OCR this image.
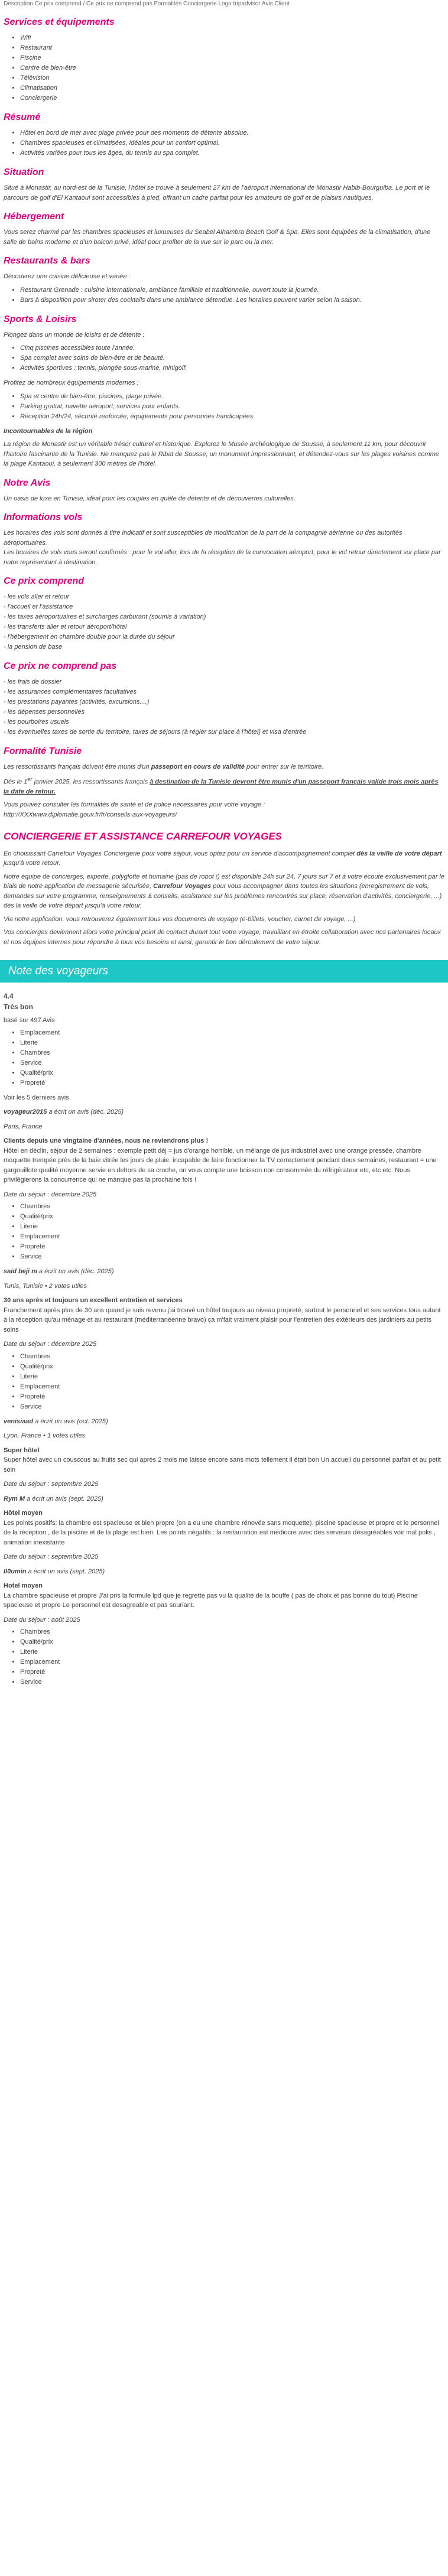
Description Ce prix comprend / Ce prix ne comprend pas Formalités Conciergerie Logo tripadvisor Avis Client
Services et équipements
• Wifi
• Restaurant
• Piscine
• Centre de bien-être
• Télévision
• Climatisation
• Conciergerie
Résumé
• Hôtel en bord de mer avec plage privée pour des moments de détente absolue.
• Chambres spacieuses et climatisées, idéales pour un confort optimal.
• Activités variées pour tous les âges, du tennis au spa complet.
Situation

Situé à Monastir, au nord-est de la Tunisie, l'hôtel se trouve à seulement 27 km de l'aéroport international de Monastir Habib-Bourguiba. Le port et le parcours de golf d'El Kantaoui sont accessibles à pied, offrant un cadre parfait pour les amateurs de golf et de plaisirs nautiques.

Hébergement

Vous serez charmé par les chambres spacieuses et luxueuses du Seabel Alhambra Beach Golf & Spa. Elles sont équipées de la climatisation, d'une salle de bains moderne et d'un balcon privé, idéal pour profiter de la vue sur le parc ou la mer.

Restaurants & bars

Découvrez une cuisine délicieuse et variée :

• Restaurant Grenade : cuisine internationale, ambiance familiale et traditionnelle, ouvert toute la journée.
• Bars à disposition pour siroter des cocktails dans une ambiance détendue. Les horaires peuvent varier selon la saison.
Sports & Loisirs

Plongez dans un monde de loisirs et de détente :

• Cinq piscines accessibles toute l'année.
• Spa complet avec soins de bien-être et de beauté.
• Activités sportives : tennis, plongée sous-marine, minigolf.

Profitez de nombreux équipements modernes :

• Spa et centre de bien-être, piscines, plage privée.
• Parking gratuit, navette aéroport, services pour enfants.
• Réception 24h/24, sécurité renforcée, équipements pour personnes handicapées.

Incontournables de la région

La région de Monastir est un véritable trésor culturel et historique. Explorez le Musée archéologique de Sousse, à seulement 11 km, pour découvrir l'histoire fascinante de la Tunisie. Ne manquez pas le Ribat de Sousse, un monument impressionnant, et détendez-vous sur les plages voisines comme la plage Kantaoui, à seulement 300 mètres de l'hôtel.

Notre Avis

Un oasis de luxe en Tunisie, idéal pour les couples en quête de détente et de découvertes culturelles.

Informations vols
Les horaires des vols sont donnés à titre indicatif et sont susceptibles de modification de la part de la compagnie aérienne ou des autorités aéroportuaires.
Les horaires de vols vous seront confirmés : pour le vol aller, lors de la réception de la convocation aéroport, pour le vol retour directement sur place par notre représentant à destination.
Ce prix comprend
- les vols aller et retour
- l'accueil et l'assistance
- les taxes aéroportuaires et surcharges carburant (soumis à variation)
- les transferts aller et retour aéroport/hôtel
- l'hébergement en chambre double pour la durée du séjour
- la pension de base
Ce prix ne comprend pas
- les frais de dossier
- les assurances complémentaires facultatives
- les prestations payantes (activités, excursions....)
- les dépenses personnelles
- les pourboires usuels
- les éventuelles taxes de sortie du territoire, taxes de séjours (à régler sur place à l'hôtel) et visa d'entrée
Formalité Tunisie

Les ressortissants français doivent être munis d'un passeport en cours de validité pour entrer sur le territoire.

Dès le 1er janvier 2025, les ressortissants français à destination de la Tunisie devront être munis d'un passeport français valide trois mois après la date de retour.

Vous pouvez consulter les formalités de santé et de police nécessaires pour votre voyage :
http://XXXwww.diplomatie.gouv.fr/fr/conseils-aux-voyageurs/

CONCIERGERIE ET ASSISTANCE CARREFOUR VOYAGES

En choisissant Carrefour Voyages Conciergerie pour votre séjour, vous optez pour un service d'accompagnement complet dès la veille de votre départ jusqu'à votre retour.

Notre équipe de concierges, experte, polyglotte et humaine (pas de robot !) est disponible 24h sur 24, 7 jours sur 7 et à votre écoute exclusivement par le biais de notre application de messagerie sécurisée, Carrefour Voyages pour vous accompagner dans toutes les situations (enregistrement de vols, demandes sur votre programme, renseignements & conseils, assistance sur les problèmes rencontrés sur place, réservation d'activités, conciergerie, ...) dès la veille de votre départ jusqu'à votre retour.

Via notre application, vous retrouverez également tous vos documents de voyage (e-billets, voucher, carnet de voyage, ...)

Vos concierges deviennent alors votre principal point de contact durant tout votre voyage, travaillant en étroite collaboration avec nos partenaires locaux et nos équipes internes pour répondre à tous vos besoins et ainsi, garantir le bon déroulement de votre séjour.

Note des voyageurs
4.4
Très bon
basé sur 497 Avis
• Emplacement
• Literie
• Chambres
• Service
• Qualité/prix
• Propreté
Voir les 5 derniers avis
voyageur2015 a écrit un avis (déc. 2025)
Paris, France
Clients depuis une vingtaine d'années, nous ne reviendrons plus !
Hôtel en déclin, séjour de 2 semaines : exemple petit déj = jus d'orange horrible, un mélange de jus industriel avec une orange pressée, chambre moquette trempée près de la baie vitrée les jours de pluie, incapable de faire fonctionner la TV correctement pendant deux semaines, restaurant = une gargouillote qualité moyenne servie en dehors de sa croche, on vous compte une boisson non consommée du réfrigérateur etc, etc etc. Nous privilégierons la concurrence qui ne manque pas la prochaine fois !
Date du séjour : décembre 2025
• Chambres
• Qualité/prix
• Literie
• Emplacement
• Propreté
• Service
said beji m a écrit un avis (déc. 2025)
Tunis, Tunisie • 2 votes utiles
30 ans après et toujours un excellent entretien et services
Franchement après plus de 30 ans quand je suis revenu j'ai trouvé un hôtel toujours au niveau propreté, surtout le personnel et ses services tous autant à la réception qu'au ménage et au restaurant (méditerranéenne bravo) ça m'fait vraiment plaisir pour l'entretien des extérieurs des jardiniers au petits soins
Date du séjour : décembre 2025
• Chambres
• Qualité/prix
• Literie
• Emplacement
• Propreté
• Service
venisiaad a écrit un avis (oct. 2025)
Lyon, France • 1 votes utiles
Super hôtel
Super hôtel avec un couscous au fruits sec qui après 2 mois me laisse encore sans mots tellement il était bon Un accueil du personnel parfait et au petit soin
Date du séjour : septembre 2025
Rym M a écrit un avis (sept. 2025)
Hôtel moyen
Les points positifs: la chambre est spacieuse et bien propre (on a eu une chambre rénovée sans moquette), piscine spacieuse et propre et le personnel de la réception , de la piscine et de la plage est bien. Les points négatifs : la restauration est médiocre avec des serveurs désagréables voir mal polis , animation inexistante
Date du séjour : septembre 2025
Il0umin a écrit un avis (sept. 2025)
Hotel moyen
La chambre spacieuse et propre J'ai pris la formule lpd que je regrette pas vu la qualité de la bouffe ( pas de choix et pas bonne du tout) Piscine spacieuse et propre Le personnel est desagreable et pas souriant.
Date du séjour : août 2025
• Chambres
• Qualité/prix
• Literie
• Emplacement
• Propreté
• Service
